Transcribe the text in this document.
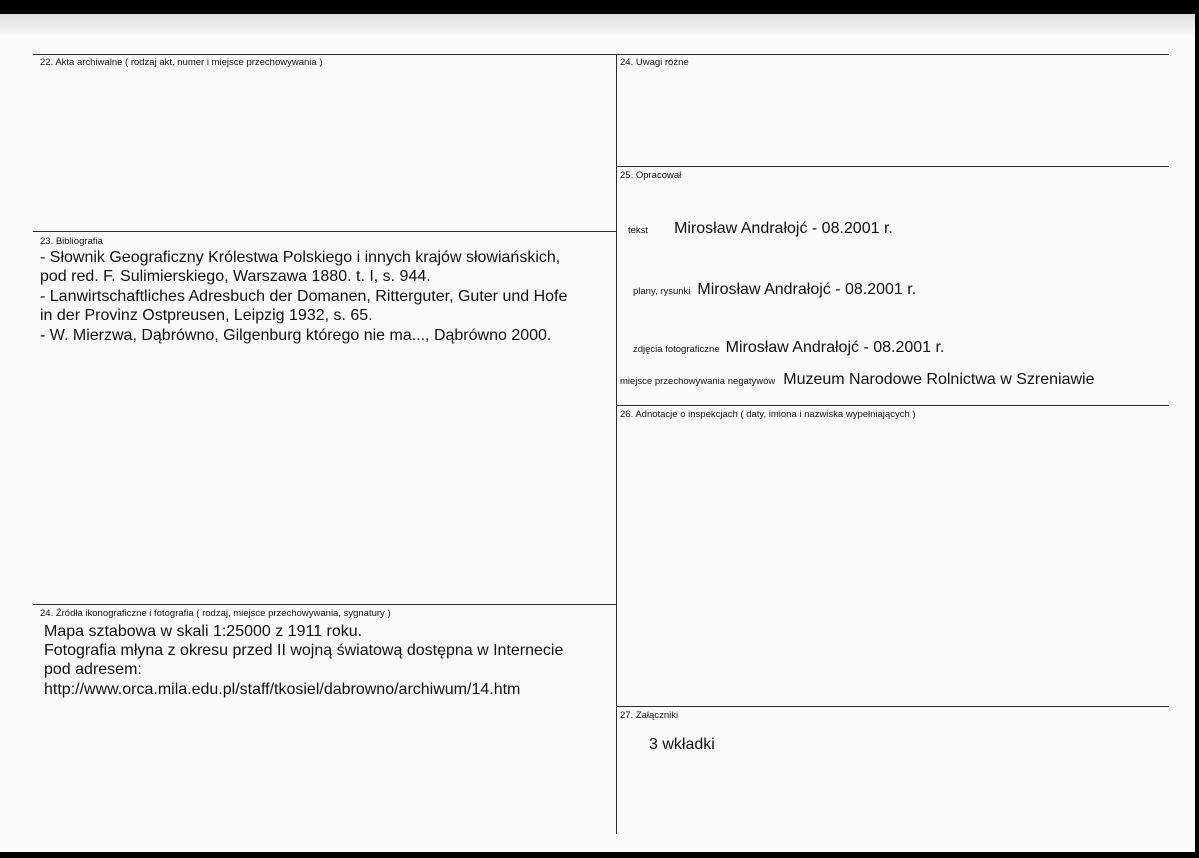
22. Akta archiwalne ( rodzaj akt, numer i miejsce przechowywania )
23. Bibliografia
- Słownik Geograficzny Królestwa Polskiego i innych krajów słowiańskich,
pod red. F. Sulimierskiego, Warszawa 1880. t. I, s. 944.
- Lanwirtschaftliches Adresbuch der Domanen, Ritterguter, Guter und Hofe
in der Provinz Ostpreusen, Leipzig 1932, s. 65.
- W. Mierzwa, Dąbrówno, Gilgenburg którego nie ma..., Dąbrówno 2000.
24. Źródła ikonograficzne i fotografia ( rodzaj, miejsce przechowywania, sygnatury )
Mapa sztabowa w skali 1:25000 z 1911 roku.
Fotografia młyna z okresu przed II wojną światową dostępna w Internecie
pod adresem:
http://www.orca.mila.edu.pl/staff/tkosiel/dabrowno/archiwum/14.htm
24. Uwagi różne
25. Opracował
tekst Mirosław Andrałojć - 08.2001 r.
plany, rysunki Mirosław Andrałojć - 08.2001 r.
zdjęcia fotograficzne Mirosław Andrałojć - 08.2001 r.
miejsce przechowywania negatywów Muzeum Narodowe Rolnictwa w Szreniawie
26. Adnotacje o inspekcjach ( daty, imiona i nazwiska wypełniających )
27. Załączniki
3 wkładki
